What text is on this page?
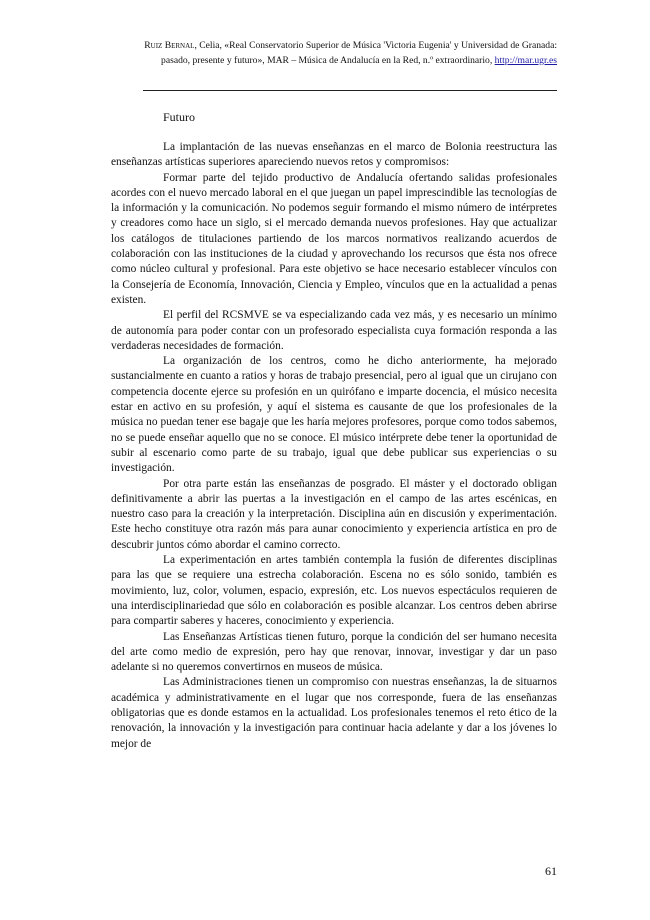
Ruiz Bernal, Celia, «Real Conservatorio Superior de Música 'Victoria Eugenia' y Universidad de Granada: pasado, presente y futuro», MAR – Música de Andalucía en la Red, n.º extraordinario, http://mar.ugr.es
Futuro

La implantación de las nuevas enseñanzas en el marco de Bolonia reestructura las enseñanzas artísticas superiores apareciendo nuevos retos y compromisos:

Formar parte del tejido productivo de Andalucía ofertando salidas profesionales acordes con el nuevo mercado laboral en el que juegan un papel imprescindible las tecnologías de la información y la comunicación. No podemos seguir formando el mismo número de intérpretes y creadores como hace un siglo, si el mercado demanda nuevos profesiones. Hay que actualizar los catálogos de titulaciones partiendo de los marcos normativos realizando acuerdos de colaboración con las instituciones de la ciudad y aprovechando los recursos que ésta nos ofrece como núcleo cultural y profesional. Para este objetivo se hace necesario establecer vínculos con la Consejería de Economía, Innovación, Ciencia y Empleo, vínculos que en la actualidad a penas existen.

El perfil del RCSMVE se va especializando cada vez más, y es necesario un mínimo de autonomía para poder contar con un profesorado especialista cuya formación responda a las verdaderas necesidades de formación.

La organización de los centros, como he dicho anteriormente, ha mejorado sustancialmente en cuanto a ratios y horas de trabajo presencial, pero al igual que un cirujano con competencia docente ejerce su profesión en un quirófano e imparte docencia, el músico necesita estar en activo en su profesión, y aquí el sistema es causante de que los profesionales de la música no puedan tener ese bagaje que les haría mejores profesores, porque como todos sabemos, no se puede enseñar aquello que no se conoce. El músico intérprete debe tener la oportunidad de subir al escenario como parte de su trabajo, igual que debe publicar sus experiencias o su investigación.

Por otra parte están las enseñanzas de posgrado. El máster y el doctorado obligan definitivamente a abrir las puertas a la investigación en el campo de las artes escénicas, en nuestro caso para la creación y la interpretación. Disciplina aún en discusión y experimentación. Este hecho constituye otra razón más para aunar conocimiento y experiencia artística en pro de descubrir juntos cómo abordar el camino correcto.

La experimentación en artes también contempla la fusión de diferentes disciplinas para las que se requiere una estrecha colaboración. Escena no es sólo sonido, también es movimiento, luz, color, volumen, espacio, expresión, etc. Los nuevos espectáculos requieren de una interdisciplinariedad que sólo en colaboración es posible alcanzar. Los centros deben abrirse para compartir saberes y haceres, conocimiento y experiencia.

Las Enseñanzas Artísticas tienen futuro, porque la condición del ser humano necesita del arte como medio de expresión, pero hay que renovar, innovar, investigar y dar un paso adelante si no queremos convertirnos en museos de música.

Las Administraciones tienen un compromiso con nuestras enseñanzas, la de situarnos académica y administrativamente en el lugar que nos corresponde, fuera de las enseñanzas obligatorias que es donde estamos en la actualidad. Los profesionales tenemos el reto ético de la renovación, la innovación y la investigación para continuar hacia adelante y dar a los jóvenes lo mejor de

61
